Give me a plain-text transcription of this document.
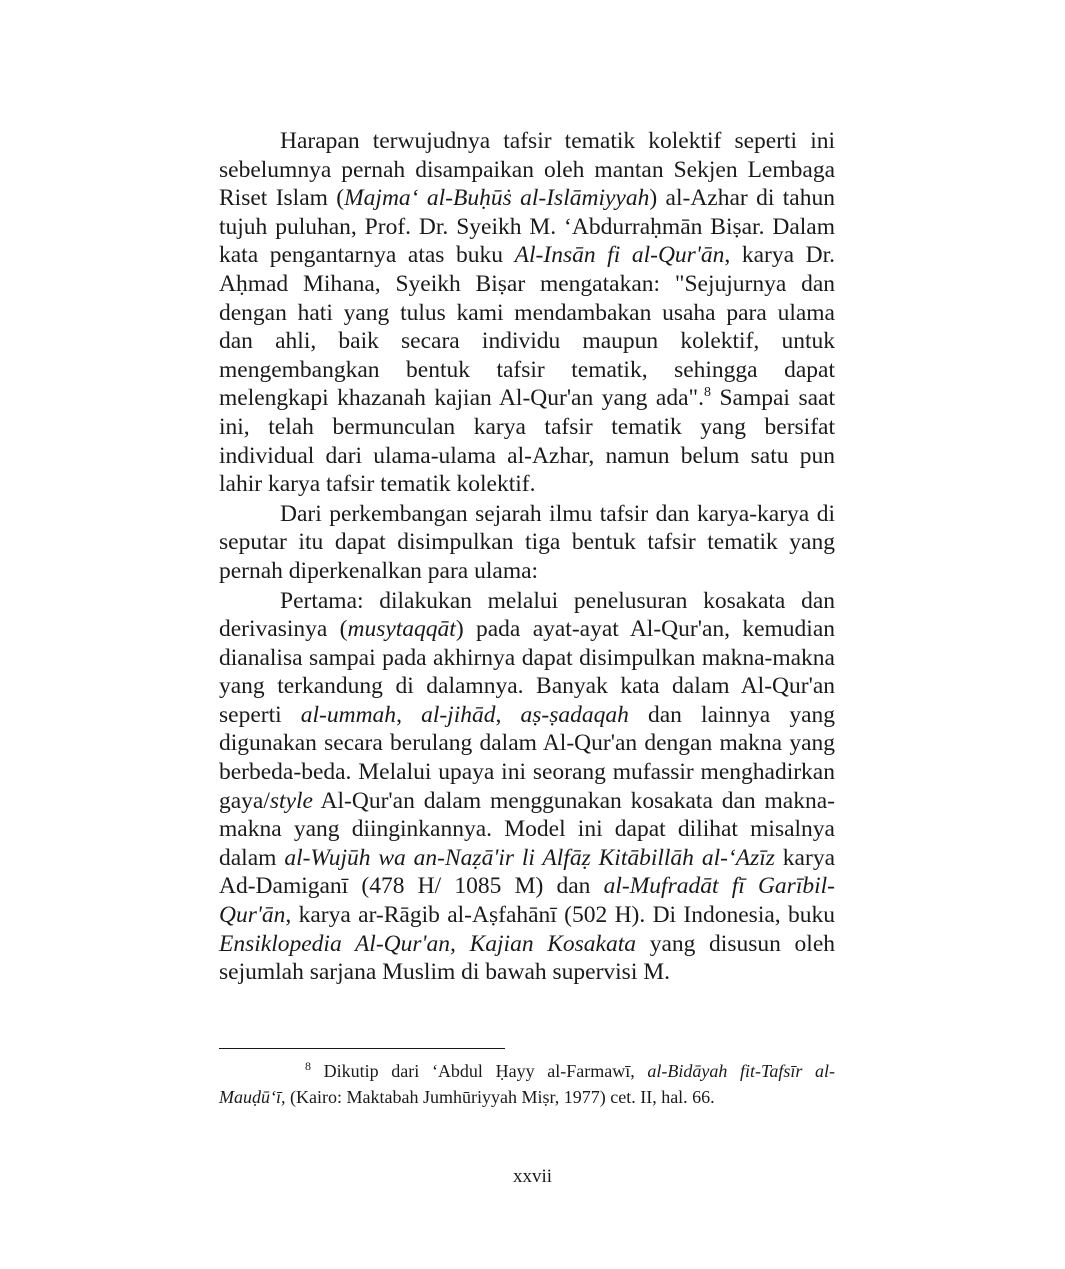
Harapan terwujudnya tafsir tematik kolektif seperti ini sebelumnya pernah disampaikan oleh mantan Sekjen Lembaga Riset Islam (Majma‘ al-Buḥūṡ al-Islāmiyyah) al-Azhar di tahun tujuh puluhan, Prof. Dr. Syeikh M. ‘Abdurraḥmān Biṣar. Dalam kata pengantarnya atas buku Al-Insān fi al-Qur'ān, karya Dr. Aḥmad Mihana, Syeikh Biṣar mengatakan: "Sejujurnya dan dengan hati yang tulus kami mendambakan usaha para ulama dan ahli, baik secara individu maupun kolektif, untuk mengembangkan bentuk tafsir tematik, sehingga dapat melengkapi khazanah kajian Al-Qur'an yang ada".$^8$ Sampai saat ini, telah bermunculan karya tafsir tematik yang bersifat individual dari ulama-ulama al-Azhar, namun belum satu pun lahir karya tafsir tematik kolektif.

Dari perkembangan sejarah ilmu tafsir dan karya-karya di seputar itu dapat disimpulkan tiga bentuk tafsir tematik yang pernah diperkenalkan para ulama:

Pertama: dilakukan melalui penelusuran kosakata dan derivasinya (musytaqqāt) pada ayat-ayat Al-Qur'an, kemudian dianalisa sampai pada akhirnya dapat disimpulkan makna-makna yang terkandung di dalamnya. Banyak kata dalam Al-Qur'an seperti al-ummah, al-jihād, aṣ-ṣadaqah dan lainnya yang digunakan secara berulang dalam Al-Qur'an dengan makna yang berbeda-beda. Melalui upaya ini seorang mufassir menghadirkan gaya/style Al-Qur'an dalam menggunakan kosakata dan makna-makna yang diinginkannya. Model ini dapat dilihat misalnya dalam al-Wujūh wa an-Naẓā'ir li Alfāẓ Kitābillāh al-‘Azīz karya Ad-Damiganī (478 H/ 1085 M) dan al-Mufradāt fī Garībil-Qur'ān, karya ar-Rāgib al-Aṣfahānī (502 H). Di Indonesia, buku Ensiklopedia Al-Qur'an, Kajian Kosakata yang disusun oleh sejumlah sarjana Muslim di bawah supervisi M.

$^8$ Dikutip dari ‘Abdul Ḥayy al-Farmawī, al-Bidāyah fit-Tafsīr al-Mauḍū‘ī, (Kairo: Maktabah Jumhūriyyah Miṣr, 1977) cet. II, hal. 66.

xxvii
